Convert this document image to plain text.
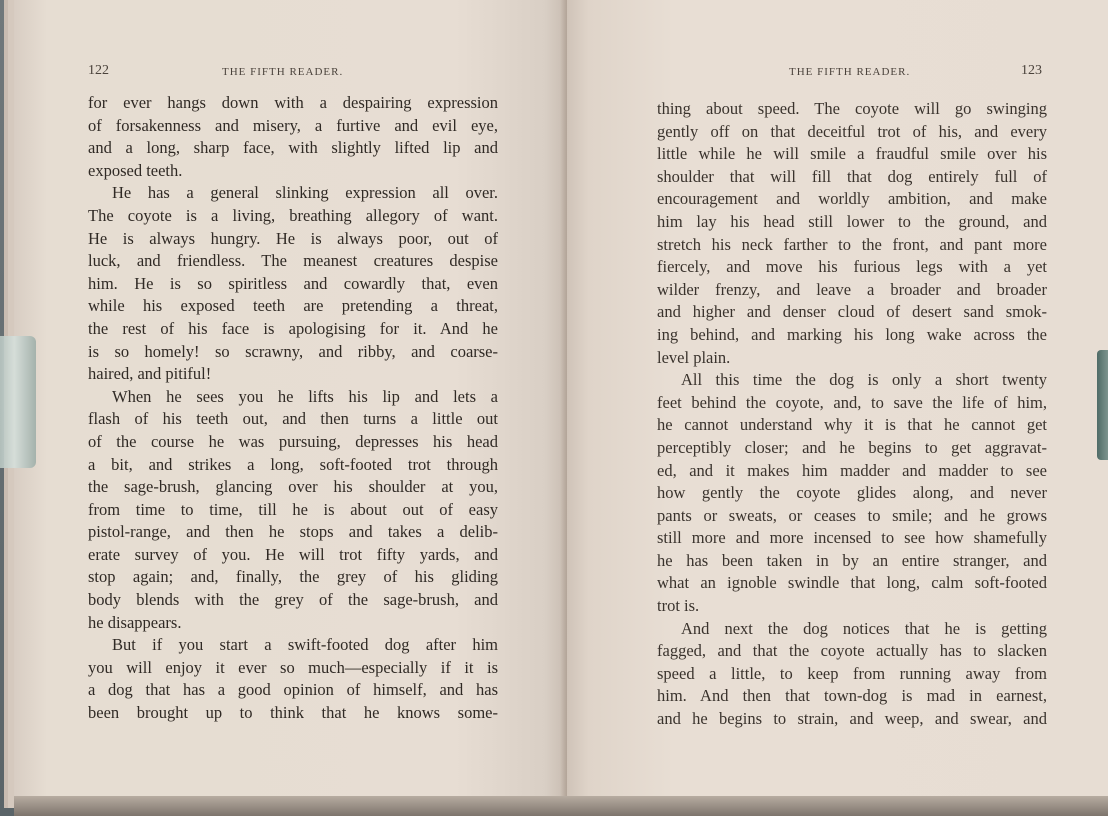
122	THE FIFTH READER.
for ever hangs down with a despairing expression
of forsakenness and misery, a furtive and evil eye,
and a long, sharp face, with slightly lifted lip and
exposed teeth.
He has a general slinking expression all over.
The coyote is a living, breathing allegory of want.
He is always hungry. He is always poor, out of
luck, and friendless. The meanest creatures despise
him. He is so spiritless and cowardly that, even
while his exposed teeth are pretending a threat,
the rest of his face is apologising for it. And he
is so homely! so scrawny, and ribby, and coarse-
haired, and pitiful!
When he sees you he lifts his lip and lets a
flash of his teeth out, and then turns a little out
of the course he was pursuing, depresses his head
a bit, and strikes a long, soft-footed trot through
the sage-brush, glancing over his shoulder at you,
from time to time, till he is about out of easy
pistol-range, and then he stops and takes a delib-
erate survey of you. He will trot fifty yards, and
stop again; and, finally, the grey of his gliding
body blends with the grey of the sage-brush, and
he disappears.
But if you start a swift-footed dog after him
you will enjoy it ever so much—especially if it is
a dog that has a good opinion of himself, and has
been brought up to think that he knows some-
THE FIFTH READER.	123
thing about speed. The coyote will go swinging
gently off on that deceitful trot of his, and every
little while he will smile a fraudful smile over his
shoulder that will fill that dog entirely full of
encouragement and worldly ambition, and make
him lay his head still lower to the ground, and
stretch his neck farther to the front, and pant more
fiercely, and move his furious legs with a yet
wilder frenzy, and leave a broader and broader
and higher and denser cloud of desert sand smok-
ing behind, and marking his long wake across the
level plain.
All this time the dog is only a short twenty
feet behind the coyote, and, to save the life of him,
he cannot understand why it is that he cannot get
perceptibly closer; and he begins to get aggravat-
ed, and it makes him madder and madder to see
how gently the coyote glides along, and never
pants or sweats, or ceases to smile; and he grows
still more and more incensed to see how shamefully
he has been taken in by an entire stranger, and
what an ignoble swindle that long, calm soft-footed
trot is.
And next the dog notices that he is getting
fagged, and that the coyote actually has to slacken
speed a little, to keep from running away from
him. And then that town-dog is mad in earnest,
and he begins to strain, and weep, and swear, and
